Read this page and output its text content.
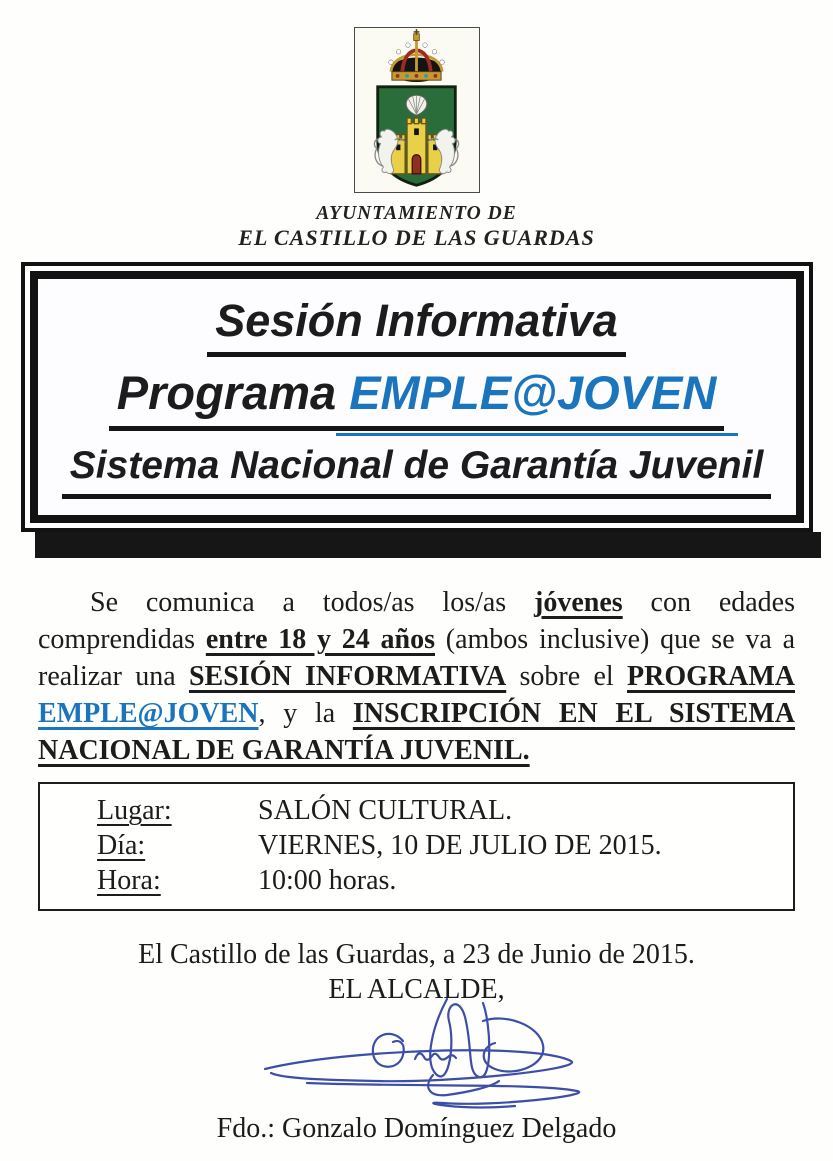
AYUNTAMIENTO DE
EL CASTILLO DE LAS GUARDAS
Sesión Informativa
Programa EMPLE@JOVEN
Sistema Nacional de Garantía Juvenil

Se comunica a todos/as los/as jóvenes con edades comprendidas entre 18 y 24 años (ambos inclusive) que se va a realizar una SESIÓN INFORMATIVA sobre el PROGRAMA EMPLE@JOVEN, y la INSCRIPCIÓN EN EL SISTEMA NACIONAL DE GARANTÍA JUVENIL.

Lugar:	SALÓN CULTURAL.
Día:	VIERNES, 10 DE JULIO DE 2015.
Hora:	10:00 horas.
El Castillo de las Guardas, a 23 de Junio de 2015.
EL ALCALDE,
Fdo.: Gonzalo Domínguez Delgado
